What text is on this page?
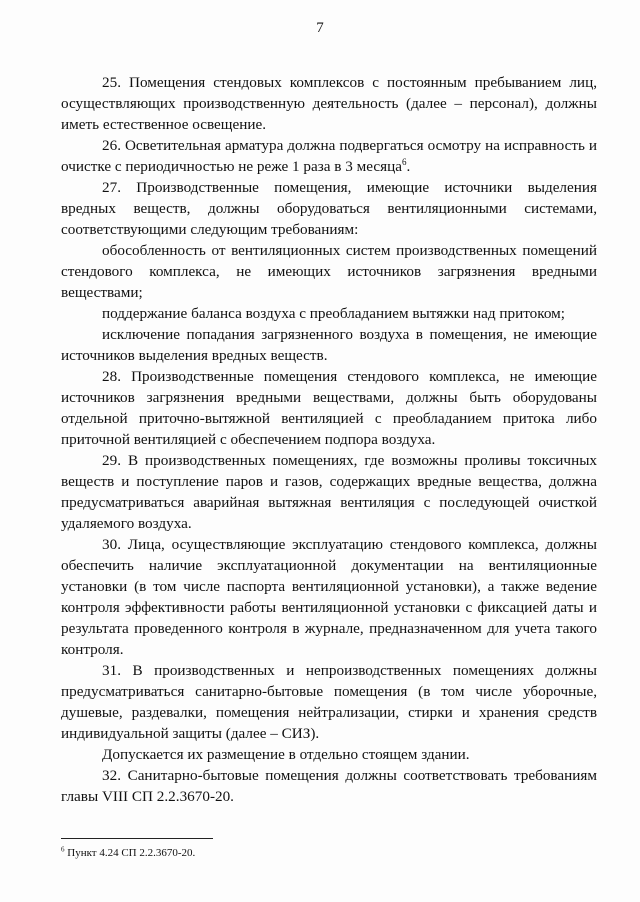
7

25. Помещения стендовых комплексов с постоянным пребыванием лиц, осуществляющих производственную деятельность (далее – персонал), должны иметь естественное освещение.

26. Осветительная арматура должна подвергаться осмотру на исправность и очистке с периодичностью не реже 1 раза в 3 месяца$^6$.

27. Производственные помещения, имеющие источники выделения вредных веществ, должны оборудоваться вентиляционными системами, соответствующими следующим требованиям:

обособленность от вентиляционных систем производственных помещений стендового комплекса, не имеющих источников загрязнения вредными веществами;

поддержание баланса воздуха с преобладанием вытяжки над притоком;

исключение попадания загрязненного воздуха в помещения, не имеющие источников выделения вредных веществ.

28. Производственные помещения стендового комплекса, не имеющие источников загрязнения вредными веществами, должны быть оборудованы отдельной приточно-вытяжной вентиляцией с преобладанием притока либо приточной вентиляцией с обеспечением подпора воздуха.

29. В производственных помещениях, где возможны проливы токсичных веществ и поступление паров и газов, содержащих вредные вещества, должна предусматриваться аварийная вытяжная вентиляция с последующей очисткой удаляемого воздуха.

30. Лица, осуществляющие эксплуатацию стендового комплекса, должны обеспечить наличие эксплуатационной документации на вентиляционные установки (в том числе паспорта вентиляционной установки), а также ведение контроля эффективности работы вентиляционной установки с фиксацией даты и результата проведенного контроля в журнале, предназначенном для учета такого контроля.

31. В производственных и непроизводственных помещениях должны предусматриваться санитарно-бытовые помещения (в том числе уборочные, душевые, раздевалки, помещения нейтрализации, стирки и хранения средств индивидуальной защиты (далее – СИЗ).

Допускается их размещение в отдельно стоящем здании.

32. Санитарно-бытовые помещения должны соответствовать требованиям главы VIII СП 2.2.3670-20.

$^6$ Пункт 4.24 СП 2.2.3670-20.
